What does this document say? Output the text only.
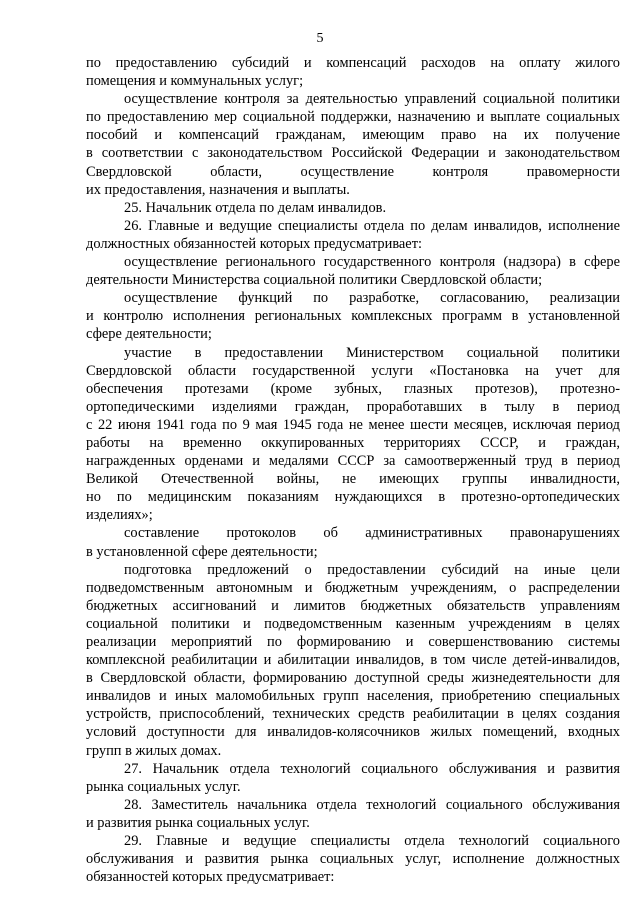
5
по предоставлению субсидий и компенсаций расходов на оплату жилого
помещения и коммунальных услуг;
осуществление контроля за деятельностью управлений социальной политики
по предоставлению мер социальной поддержки, назначению и выплате социальных
пособий и компенсаций гражданам, имеющим право на их получение
в соответствии с законодательством Российской Федерации и законодательством
Свердловской области, осуществление контроля правомерности
их предоставления, назначения и выплаты.
25. Начальник отдела по делам инвалидов.
26. Главные и ведущие специалисты отдела по делам инвалидов, исполнение
должностных обязанностей которых предусматривает:
осуществление регионального государственного контроля (надзора) в сфере
деятельности Министерства социальной политики Свердловской области;
осуществление функций по разработке, согласованию, реализации
и контролю исполнения региональных комплексных программ в установленной
сфере деятельности;
участие в предоставлении Министерством социальной политики
Свердловской области государственной услуги «Постановка на учет для
обеспечения протезами (кроме зубных, глазных протезов), протезно-
ортопедическими изделиями граждан, проработавших в тылу в период
с 22 июня 1941 года по 9 мая 1945 года не менее шести месяцев, исключая период
работы на временно оккупированных территориях СССР, и граждан,
награжденных орденами и медалями СССР за самоотверженный труд в период
Великой Отечественной войны, не имеющих группы инвалидности,
но по медицинским показаниям нуждающихся в протезно-ортопедических
изделиях»;
составление протоколов об административных правонарушениях
в установленной сфере деятельности;
подготовка предложений о предоставлении субсидий на иные цели
подведомственным автономным и бюджетным учреждениям, о распределении
бюджетных ассигнований и лимитов бюджетных обязательств управлениям
социальной политики и подведомственным казенным учреждениям в целях
реализации мероприятий по формированию и совершенствованию системы
комплексной реабилитации и абилитации инвалидов, в том числе детей-инвалидов,
в Свердловской области, формированию доступной среды жизнедеятельности для
инвалидов и иных маломобильных групп населения, приобретению специальных
устройств, приспособлений, технических средств реабилитации в целях создания
условий доступности для инвалидов-колясочников жилых помещений, входных
групп в жилых домах.
27. Начальник отдела технологий социального обслуживания и развития
рынка социальных услуг.
28. Заместитель начальника отдела технологий социального обслуживания
и развития рынка социальных услуг.
29. Главные и ведущие специалисты отдела технологий социального
обслуживания и развития рынка социальных услуг, исполнение должностных
обязанностей которых предусматривает:
